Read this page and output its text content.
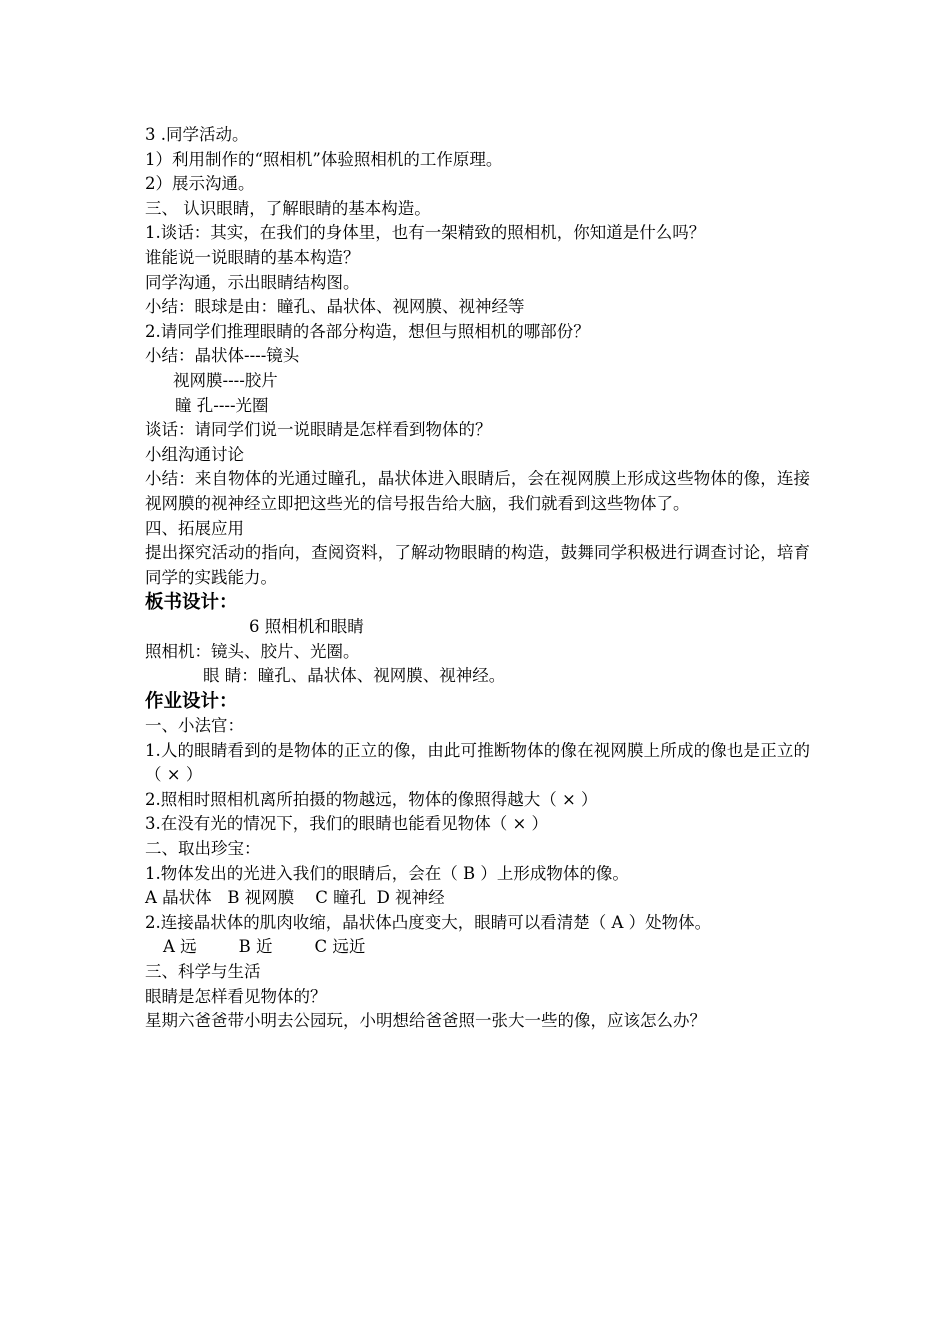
3 .同学活动。
1）利用制作的“照相机”体验照相机的工作原理。
2）展示沟通。
三、 认识眼睛，了解眼睛的基本构造。
1.谈话：其实，在我们的身体里，也有一架精致的照相机，你知道是什么吗？
谁能说一说眼睛的基本构造？
同学沟通，示出眼睛结构图。
小结：眼球是由：瞳孔、晶状体、视网膜、视神经等
2.请同学们推理眼睛的各部分构造，想但与照相机的哪部份？
小结：晶状体----镜头
视网膜----胶片
瞳 孔----光圈
谈话：请同学们说一说眼睛是怎样看到物体的？
小组沟通讨论
小结：来自物体的光通过瞳孔，晶状体进入眼睛后，会在视网膜上形成这些物体的像，连接视网膜的视神经立即把这些光的信号报告给大脑，我们就看到这些物体了。
四、拓展应用
提出探究活动的指向，查阅资料，了解动物眼睛的构造，鼓舞同学积极进行调查讨论，培育同学的实践能力。
板书设计：
6 照相机和眼睛
照相机：镜头、胶片、光圈。
眼 睛：瞳孔、晶状体、视网膜、视神经。
作业设计：
一、小法官：
1.人的眼睛看到的是物体的正立的像，由此可推断物体的像在视网膜上所成的像也是正立的（ × ）
2.照相时照相机离所拍摄的物越远，物体的像照得越大（ × ）
3.在没有光的情况下，我们的眼睛也能看见物体（ × ）
二、取出珍宝：
1.物体发出的光进入我们的眼睛后，会在（ B ）上形成物体的像。
A 晶状体   B 视网膜    C 瞳孔  D 视神经
2.连接晶状体的肌肉收缩，晶状体凸度变大，眼睛可以看清楚（ A ）处物体。
A 远        B 近        C 远近
三、科学与生活
眼睛是怎样看见物体的？
星期六爸爸带小明去公园玩，小明想给爸爸照一张大一些的像，应该怎么办？
